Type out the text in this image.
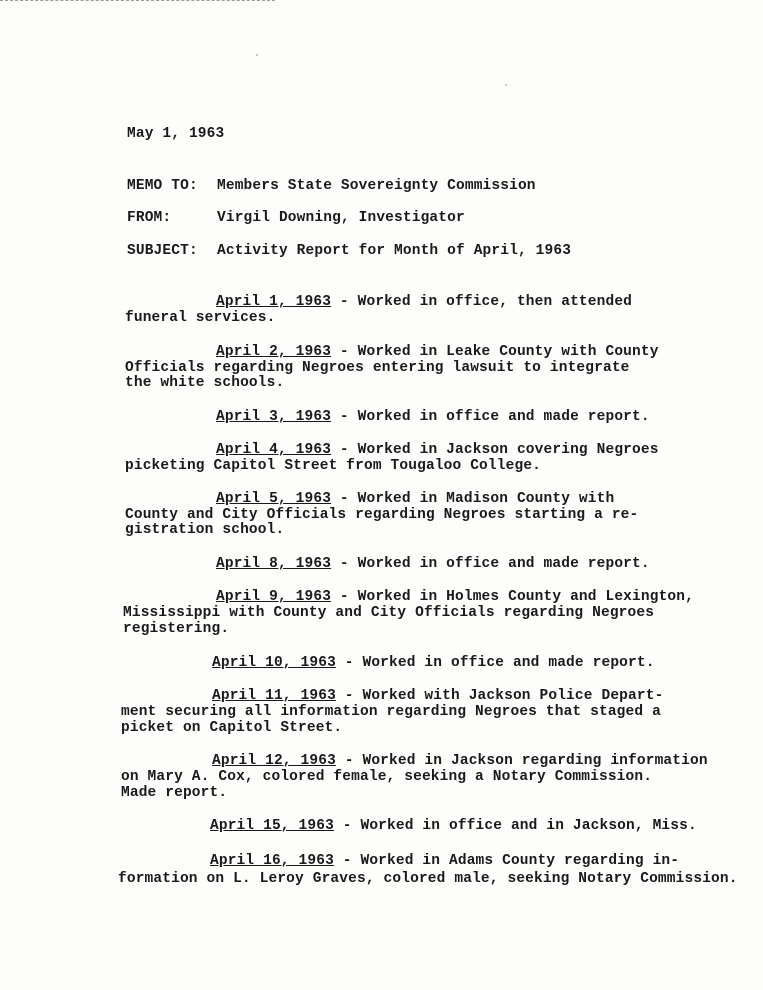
May 1, 1963
MEMO TO: Members State Sovereignty Commission
FROM:	Virgil Downing, Investigator
SUBJECT: Activity Report for Month of April, 1963
April 1, 1963 - Worked in office, then attended
funeral services.
April 2, 1963 - Worked in Leake County with County
Officials regarding Negroes entering lawsuit to integrate
the white schools.
April 3, 1963 - Worked in office and made report.
April 4, 1963 - Worked in Jackson covering Negroes
picketing Capitol Street from Tougaloo College.
April 5, 1963 - Worked in Madison County with
County and City Officials regarding Negroes starting a re-
gistration school.
April 8, 1963 - Worked in office and made report.
April 9, 1963 - Worked in Holmes County and Lexington,
Mississippi with County and City Officials regarding Negroes
registering.
April 10, 1963 - Worked in office and made report.
April 11, 1963 - Worked with Jackson Police Depart-
ment securing all information regarding Negroes that staged a
picket on Capitol Street.
April 12, 1963 - Worked in Jackson regarding information
on Mary A. Cox, colored female, seeking a Notary Commission.
Made report.
April 15, 1963 - Worked in office and in Jackson, Miss.
April 16, 1963 - Worked in Adams County regarding in-
formation on L. Leroy Graves, colored male, seeking Notary Commission.
